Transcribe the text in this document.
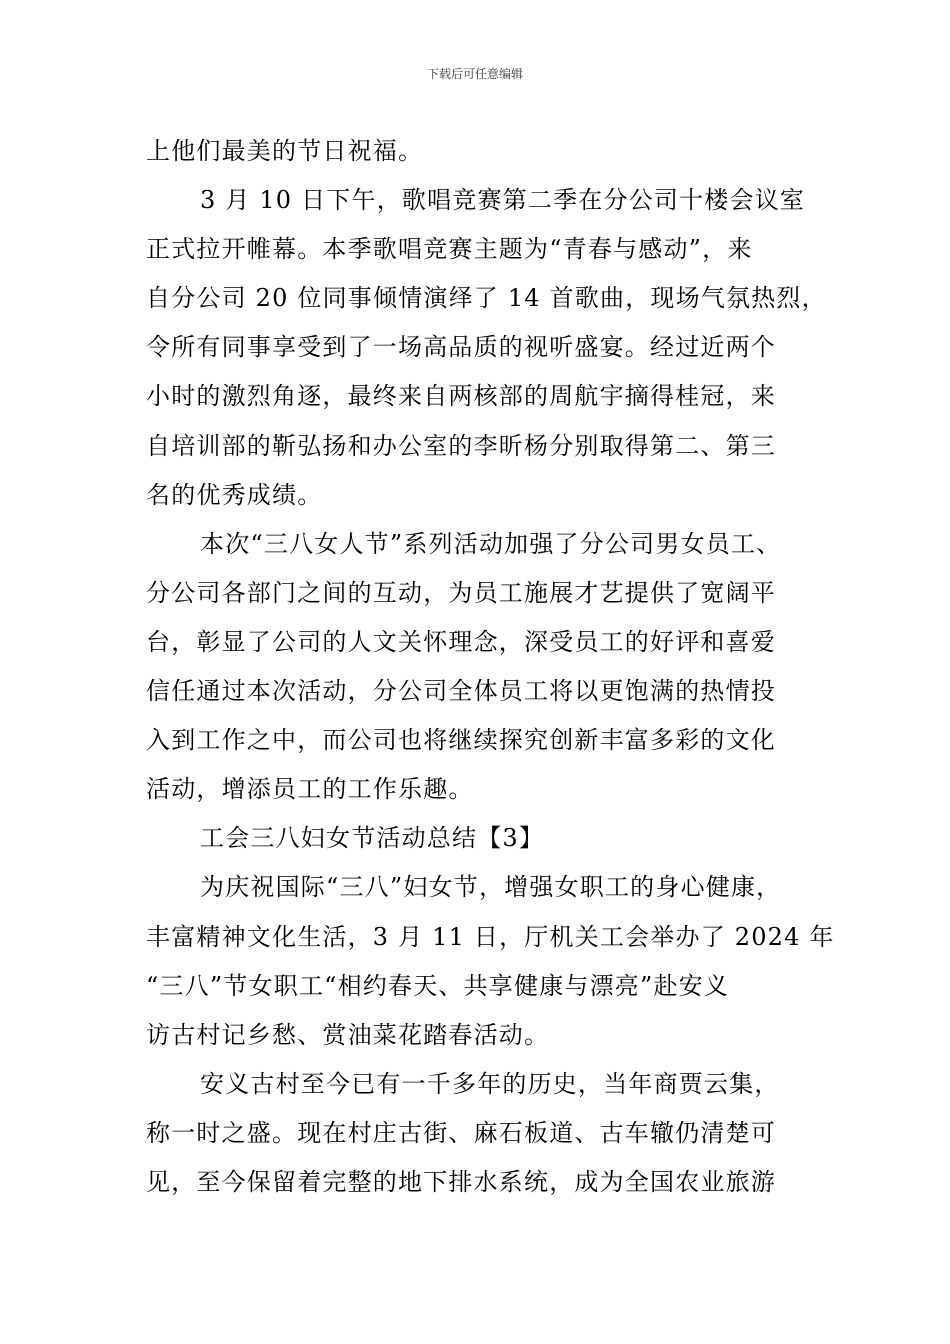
下载后可任意编辑
上他们最美的节日祝福。
3 月 10 日下午，歌唱竞赛第二季在分公司十楼会议室
正式拉开帷幕。本季歌唱竞赛主题为“青春与感动”，来
自分公司 20 位同事倾情演绎了 14 首歌曲，现场气氛热烈，
令所有同事享受到了一场高品质的视听盛宴。经过近两个
小时的激烈角逐，最终来自两核部的周航宇摘得桂冠，来
自培训部的靳弘扬和办公室的李昕杨分别取得第二、第三
名的优秀成绩。
本次“三八女人节”系列活动加强了分公司男女员工、
分公司各部门之间的互动，为员工施展才艺提供了宽阔平
台，彰显了公司的人文关怀理念，深受员工的好评和喜爱
信任通过本次活动，分公司全体员工将以更饱满的热情投
入到工作之中，而公司也将继续探究创新丰富多彩的文化
活动，增添员工的工作乐趣。
工会三八妇女节活动总结【3】
为庆祝国际“三八”妇女节，增强女职工的身心健康，
丰富精神文化生活，3 月 11 日，厅机关工会举办了 2024 年
“三八”节女职工“相约春天、共享健康与漂亮”赴安义
访古村记乡愁、赏油菜花踏春活动。
安义古村至今已有一千多年的历史，当年商贾云集，
称一时之盛。现在村庄古街、麻石板道、古车辙仍清楚可
见，至今保留着完整的地下排水系统，成为全国农业旅游
